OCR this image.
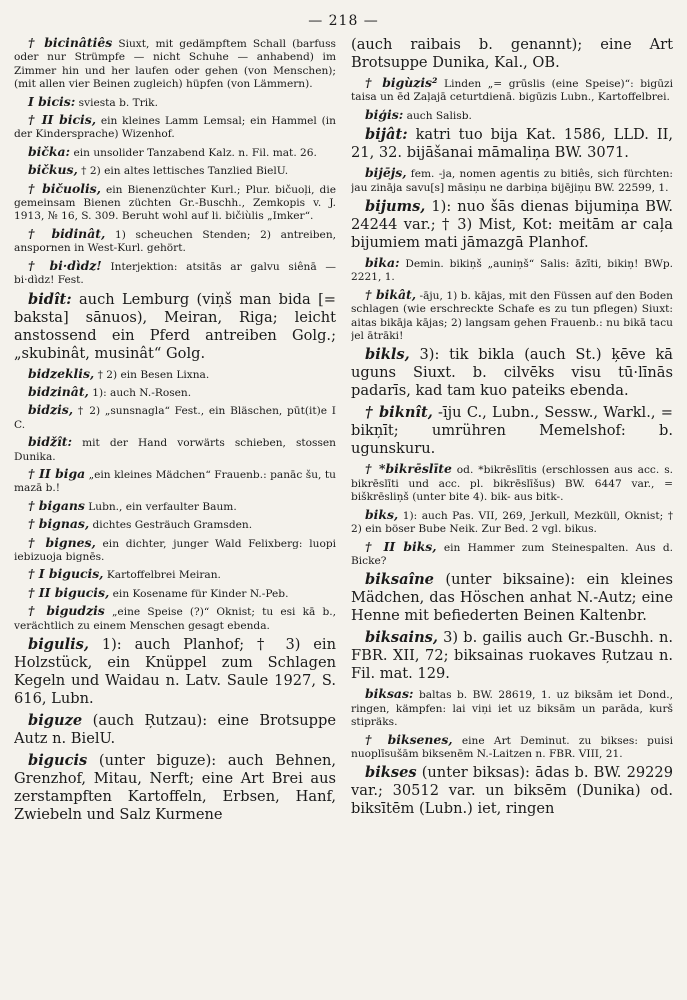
— 218 —

† bicinâtiês Siuxt, mit gedämpftem Schall (barfuss oder nur Strümpfe — nicht Schuhe — anhabend) im Zimmer hin und her laufen oder gehen (von Menschen); (mit allen vier Beinen zugleich) hüpfen (von Lämmern).

I bicis: sviesta b. Trik.

† II bicis, ein kleines Lamm Lemsal; ein Hammel (in der Kindersprache) Wizenhof.

bička: ein unsolider Tanzabend Kalz. n. Fil. mat. 26.

bičkus, † 2) ein altes lettisches Tanzlied BielU.

† bičuolis, ein Bienenzüchter Kurl.; Plur. bičuoļi, die gemeinsam Bienen züchten Gr.-Buschh., Zemkopis v. J. 1913, № 16, S. 309. Beruht wohl auf li. bičiùlis „Imker“.

† bidinât, 1) scheuchen Stenden; 2) antreiben, anspornen in West-Kurl. gehört.

† bi·dìdz! Interjektion: atsitās ar galvu siênā — bi·dìdz! Fest.

bidît: auch Lemburg (viņš man bida [= baksta] sānuos), Meiran, Riga; leicht anstossend ein Pferd antreiben Golg.; „skubinât, musinât“ Golg.

bidzeklis, † 2) ein Besen Lixna.

bidzinât, 1): auch N.-Rosen.

bidzis, † 2) „sunsnagla“ Fest., ein Bläschen, pūt(it)e I C.

bidžît: mit der Hand vorwärts schieben, stossen Dunika.

† II biga „ein kleines Mädchen“ Frauenb.: panāc šu, tu mazā b.!

† bigans Lubn., ein verfaulter Baum.

† bignas, dichtes Gesträuch Gramsden.

† bignes, ein dichter, junger Wald Felixberg: luopi iebizuoja bignēs.

† I bigucis, Kartoffelbrei Meiran.

† II bigucis, ein Kosename für Kinder N.-Peb.

† bigudzis „eine Speise (?)“ Oknist; tu esi kā b., verächtlich zu einem Menschen gesagt ebenda.

bigulis, 1): auch Planhof; † 3) ein Holzstück, ein Knüppel zum Schlagen Kegeln und Waidau n. Latv. Saule 1927, S. 616, Lubn.

biguze (auch Ŗutzau): eine Brotsuppe Autz n. BielU.

bigucis (unter biguze): auch Behnen, Grenzhof, Mitau, Nerft; eine Art Brei aus zerstampften Kartoffeln, Erbsen, Hanf, Zwiebeln und Salz Kurmene

(auch raibais b. genannt); eine Art Brotsuppe Dunika, Kal., OB.

† bigùzis² Linden „= grūslis (eine Speise)“: bigūzi taisa un ēd Zaļajā ceturtdienā. bigūzis Lubn., Kartoffelbrei.

biģis: auch Salisb.

bijât: katri tuo bija Kat. 1586, LLD. II, 21, 32. bijāšanai māmaliņa BW. 3071.

bijējs, fem. -ja, nomen agentis zu bitiês, sich fürchten: jau zināja savu[s] māsiņu ne darbiņa bijējiņu BW. 22599, 1.

bijums, 1): nuo šās dienas bijumiņa BW. 24244 var.; † 3) Mist, Kot: meitām ar caļa bijumiem mati jāmazgā Planhof.

bika: Demin. bikiņš „auniņš“ Salis: āzīti, bikiņ! BWp. 2221, 1.

† bikât, -āju, 1) b. kājas, mit den Füssen auf den Boden schlagen (wie erschreckte Schafe es zu tun pflegen) Siuxt: aitas bikāja kājas; 2) langsam gehen Frauenb.: nu bikā tacu jel ātrāki!

bikls, 3): tik bikla (auch St.) ķēve kā uguns Siuxt. b. cilvēks visu tū·līnās padarīs, kad tam kuo pateiks ebenda.

† biknît, -īju C., Lubn., Sessw., Warkl., = bikņīt; umrühren Memelshof: b. ugunskuru.

† *bikrēslīte od. *bikrēslītis (erschlossen aus acc. s. bikrēslīti und acc. pl. bikrēslīšus) BW. 6447 var., = biškrēsliņš (unter bite 4). bik- aus bitk-.

biks, 1): auch Pas. VII, 269, Jerkull, Mezküll, Oknist; † 2) ein böser Bube Neik. Zur Bed. 2 vgl. bikus.

† II biks, ein Hammer zum Steinespalten. Aus d. Bicke?

biksaîne (unter biksaine): ein kleines Mädchen, das Höschen anhat N.-Autz; eine Henne mit befiederten Beinen Kaltenbr.

biksains, 3) b. gailis auch Gr.-Buschh. n. FBR. XII, 72; biksainas ruokaves Ŗutzau n. Fil. mat. 129.

biksas: baltas b. BW. 28619, 1. uz biksām iet Dond., ringen, kämpfen: lai viņi iet uz biksām un parāda, kurš stipräks.

† biksenes, eine Art Deminut. zu bikses: puisi nuoplīsušām biksenēm N.-Laitzen n. FBR. VIII, 21.

bikses (unter biksas): ādas b. BW. 29229 var.; 30512 var. un biksēm (Dunika) od. biksītēm (Lubn.) iet, ringen
